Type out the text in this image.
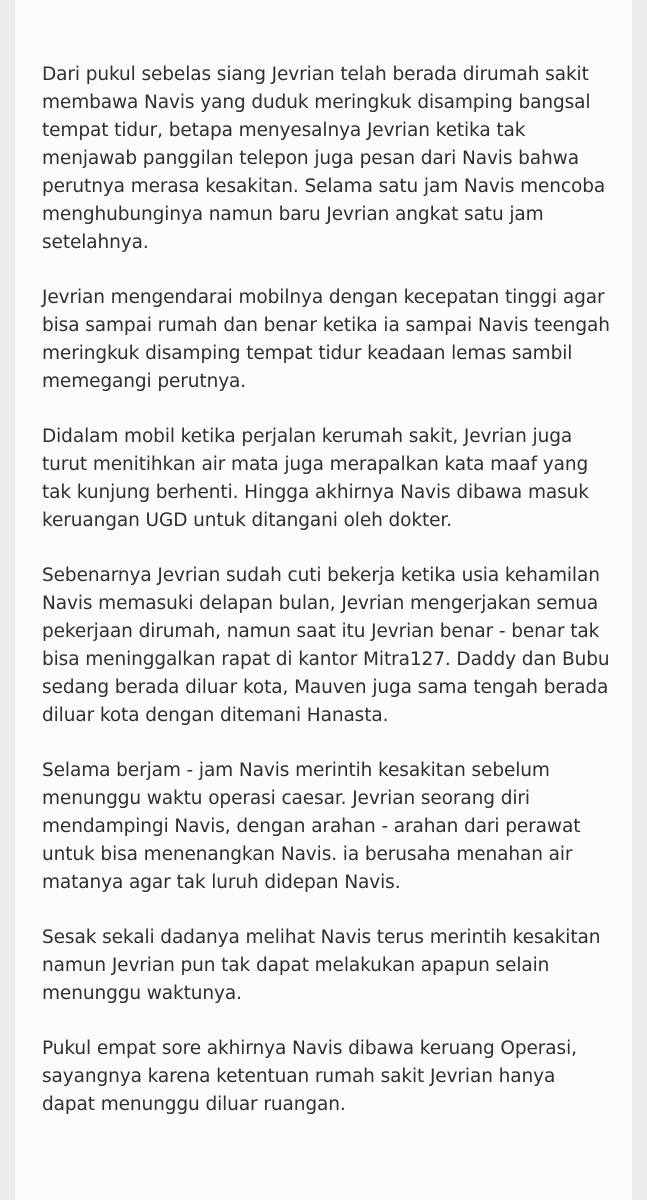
Dari pukul sebelas siang Jevrian telah berada dirumah sakit
membawa Navis yang duduk meringkuk disamping bangsal
tempat tidur, betapa menyesalnya Jevrian ketika tak
menjawab panggilan telepon juga pesan dari Navis bahwa
perutnya merasa kesakitan. Selama satu jam Navis mencoba
menghubunginya namun baru Jevrian angkat satu jam
setelahnya.

Jevrian mengendarai mobilnya dengan kecepatan tinggi agar
bisa sampai rumah dan benar ketika ia sampai Navis teengah
meringkuk disamping tempat tidur keadaan lemas sambil
memegangi perutnya.

Didalam mobil ketika perjalan kerumah sakit, Jevrian juga
turut menitihkan air mata juga merapalkan kata maaf yang
tak kunjung berhenti. Hingga akhirnya Navis dibawa masuk
keruangan UGD untuk ditangani oleh dokter.

Sebenarnya Jevrian sudah cuti bekerja ketika usia kehamilan
Navis memasuki delapan bulan, Jevrian mengerjakan semua
pekerjaan dirumah, namun saat itu Jevrian benar - benar tak
bisa meninggalkan rapat di kantor Mitra127. Daddy dan Bubu
sedang berada diluar kota, Mauven juga sama tengah berada
diluar kota dengan ditemani Hanasta.

Selama berjam - jam Navis merintih kesakitan sebelum
menunggu waktu operasi caesar. Jevrian seorang diri
mendampingi Navis, dengan arahan - arahan dari perawat
untuk bisa menenangkan Navis. ia berusaha menahan air
matanya agar tak luruh didepan Navis.

Sesak sekali dadanya melihat Navis terus merintih kesakitan
namun Jevrian pun tak dapat melakukan apapun selain
menunggu waktunya.

Pukul empat sore akhirnya Navis dibawa keruang Operasi,
sayangnya karena ketentuan rumah sakit Jevrian hanya
dapat menunggu diluar ruangan.
